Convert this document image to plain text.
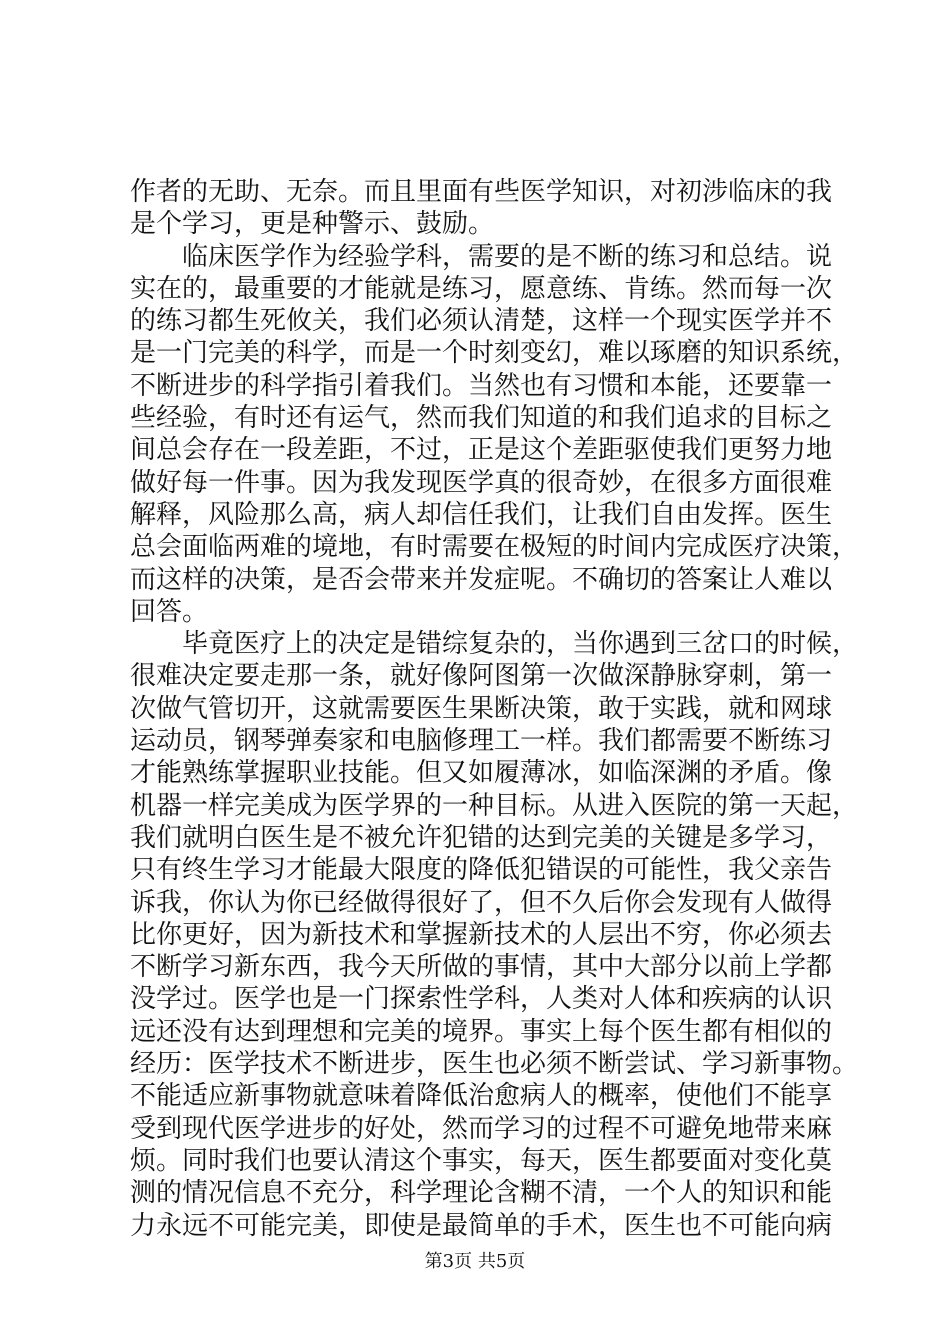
作者的无助、无奈。而且里面有些医学知识，对初涉临床的我
是个学习，更是种警示、鼓励。
临床医学作为经验学科，需要的是不断的练习和总结。说
实在的，最重要的才能就是练习，愿意练、肯练。然而每一次
的练习都生死攸关，我们必须认清楚，这样一个现实医学并不
是一门完美的科学，而是一个时刻变幻，难以琢磨的知识系统，
不断进步的科学指引着我们。当然也有习惯和本能，还要靠一
些经验，有时还有运气，然而我们知道的和我们追求的目标之
间总会存在一段差距，不过，正是这个差距驱使我们更努力地
做好每一件事。因为我发现医学真的很奇妙，在很多方面很难
解释，风险那么高，病人却信任我们，让我们自由发挥。医生
总会面临两难的境地，有时需要在极短的时间内完成医疗决策，
而这样的决策，是否会带来并发症呢。不确切的答案让人难以
回答。
毕竟医疗上的决定是错综复杂的，当你遇到三岔口的时候，
很难决定要走那一条，就好像阿图第一次做深静脉穿刺，第一
次做气管切开，这就需要医生果断决策，敢于实践，就和网球
运动员，钢琴弹奏家和电脑修理工一样。我们都需要不断练习
才能熟练掌握职业技能。但又如履薄冰，如临深渊的矛盾。像
机器一样完美成为医学界的一种目标。从进入医院的第一天起，
我们就明白医生是不被允许犯错的达到完美的关键是多学习，
只有终生学习才能最大限度的降低犯错误的可能性，我父亲告
诉我，你认为你已经做得很好了，但不久后你会发现有人做得
比你更好，因为新技术和掌握新技术的人层出不穷，你必须去
不断学习新东西，我今天所做的事情，其中大部分以前上学都
没学过。医学也是一门探索性学科，人类对人体和疾病的认识
远还没有达到理想和完美的境界。事实上每个医生都有相似的
经历：医学技术不断进步，医生也必须不断尝试、学习新事物。
不能适应新事物就意味着降低治愈病人的概率，使他们不能享
受到现代医学进步的好处，然而学习的过程不可避免地带来麻
烦。同时我们也要认清这个事实，每天，医生都要面对变化莫
测的情况信息不充分，科学理论含糊不清，一个人的知识和能
力永远不可能完美，即使是最简单的手术，医生也不可能向病
第3页 共5页
